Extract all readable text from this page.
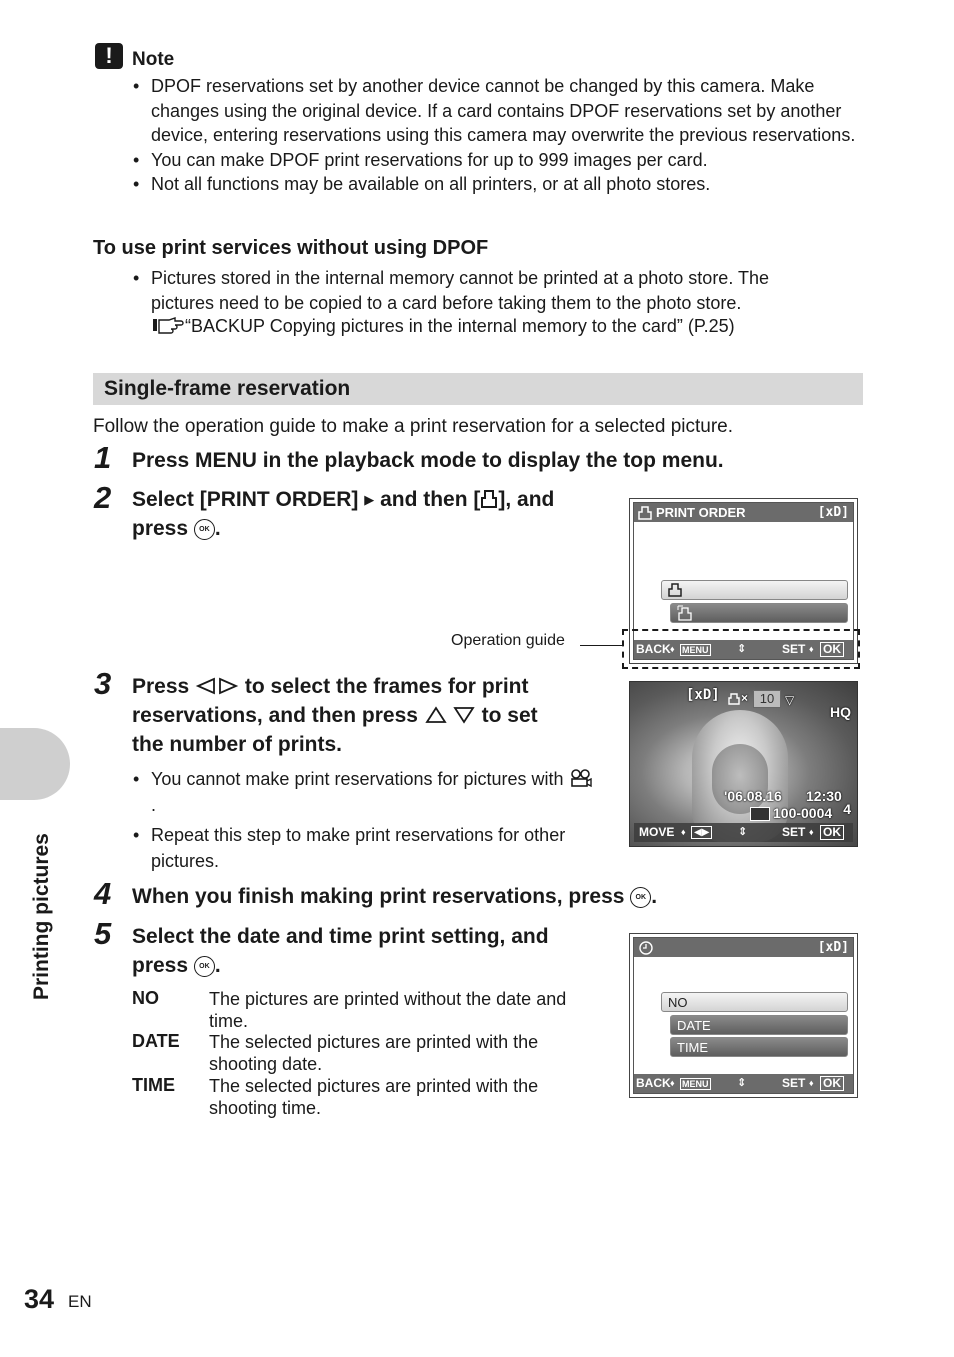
!	Note
• DPOF reservations set by another device cannot be changed by this camera. Make changes using the original device. If a card contains DPOF reservations set by another device, entering reservations using this camera may overwrite the previous reservations.
• You can make DPOF print reservations for up to 999 images per card.
• Not all functions may be available on all printers, or at all photo stores.
To use print services without using DPOF
• Pictures stored in the internal memory cannot be printed at a photo store. The pictures need to be copied to a card before taking them to the photo store.
“BACKUP Copying pictures in the internal memory to the card” (P.25)
Single-frame reservation
Follow the operation guide to make a print reservation for a selected picture.
1 Press MENU in the playback mode to display the top menu.
2 Select [PRINT ORDER] ▶ and then [ ], and
press OK .
PRINT ORDER	[xD]
BACK ♦ MENU	⇕	SET ♦ OK
Operation guide
3 Press	to select the frames for print
reservations, and then press	to set
the number of prints.
• You cannot make print reservations for pictures with .
• Repeat this step to make print reservations for other pictures.
[xD] × 10 ▽
HQ
'06.08.16 12:30
100-0004 4
MOVE ♦ ◀▶	⇕	SET ♦ OK
4 When you finish making print reservations, press OK .
5 Select the date and time print setting, and
press OK .
NO	The pictures are printed without the date and time.
DATE The selected pictures are printed with the shooting date.
TIME The selected pictures are printed with the shooting time.
[xD]
NO
DATE
TIME
BACK ♦ MENU	⇕	SET ♦ OK
Printing pictures
34 EN
